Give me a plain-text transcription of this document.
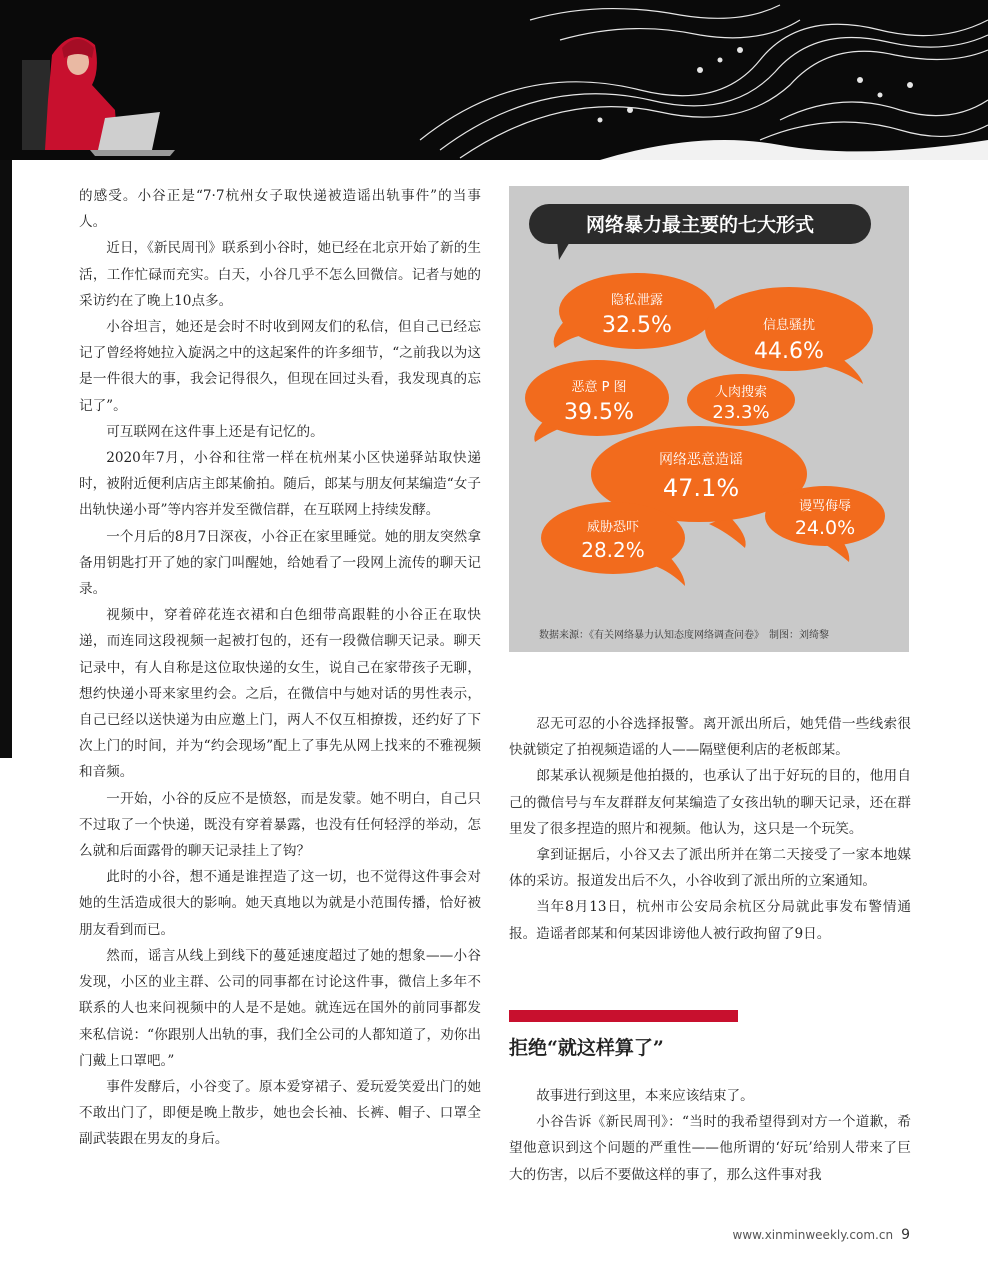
的感受。小谷正是“7·7杭州女子取快递被造谣出轨事件”的当事人。

近日，《新民周刊》联系到小谷时，她已经在北京开始了新的生活，工作忙碌而充实。白天，小谷几乎不怎么回微信。记者与她的采访约在了晚上10点多。

小谷坦言，她还是会时不时收到网友们的私信，但自己已经忘记了曾经将她拉入旋涡之中的这起案件的许多细节，“之前我以为这是一件很大的事，我会记得很久，但现在回过头看，我发现真的忘记了”。

可互联网在这件事上还是有记忆的。

2020年7月，小谷和往常一样在杭州某小区快递驿站取快递时，被附近便利店店主郎某偷拍。随后，郎某与朋友何某编造“女子出轨快递小哥”等内容并发至微信群，在互联网上持续发酵。

一个月后的8月7日深夜，小谷正在家里睡觉。她的朋友突然拿备用钥匙打开了她的家门叫醒她，给她看了一段网上流传的聊天记录。

视频中，穿着碎花连衣裙和白色细带高跟鞋的小谷正在取快递，而连同这段视频一起被打包的，还有一段微信聊天记录。聊天记录中，有人自称是这位取快递的女生，说自己在家带孩子无聊，想约快递小哥来家里约会。之后，在微信中与她对话的男性表示，自己已经以送快递为由应邀上门，两人不仅互相撩拨，还约好了下次上门的时间，并为“约会现场”配上了事先从网上找来的不雅视频和音频。

一开始，小谷的反应不是愤怒，而是发蒙。她不明白，自己只不过取了一个快递，既没有穿着暴露，也没有任何轻浮的举动，怎么就和后面露骨的聊天记录挂上了钩？

此时的小谷，想不通是谁捏造了这一切，也不觉得这件事会对她的生活造成很大的影响。她天真地以为就是小范围传播，恰好被朋友看到而已。

然而，谣言从线上到线下的蔓延速度超过了她的想象——小谷发现，小区的业主群、公司的同事都在讨论这件事，微信上多年不联系的人也来问视频中的人是不是她。就连远在国外的前同事都发来私信说：“你跟别人出轨的事，我们全公司的人都知道了，劝你出门戴上口罩吧。”

事件发酵后，小谷变了。原本爱穿裙子、爱玩爱笑爱出门的她不敢出门了，即便是晚上散步，她也会长袖、长裤、帽子、口罩全副武装跟在男友的身后。

网络暴力最主要的七大形式
隐私泄露
32.5%	信息骚扰
44.6%
恶意 P 图
39.5%
人肉搜索
23.3%
网络恶意造谣
47.1%
谩骂侮辱
24.0%
威胁恐吓
28.2%
数据来源：《有关网络暴力认知态度网络调查问卷》　制图：刘绮黎

忍无可忍的小谷选择报警。离开派出所后，她凭借一些线索很快就锁定了拍视频造谣的人——隔壁便利店的老板郎某。

郎某承认视频是他拍摄的，也承认了出于好玩的目的，他用自己的微信号与车友群群友何某编造了女孩出轨的聊天记录，还在群里发了很多捏造的照片和视频。他认为，这只是一个玩笑。

拿到证据后，小谷又去了派出所并在第二天接受了一家本地媒体的采访。报道发出后不久，小谷收到了派出所的立案通知。

当年8月13日，杭州市公安局余杭区分局就此事发布警情通报。造谣者郎某和何某因诽谤他人被行政拘留了9日。

拒绝“就这样算了”

故事进行到这里，本来应该结束了。

小谷告诉《新民周刊》：“当时的我希望得到对方一个道歉，希望他意识到这个问题的严重性——他所谓的‘好玩’给别人带来了巨大的伤害，以后不要做这样的事了，那么这件事对我

www.xinminweekly.com.cn 9
